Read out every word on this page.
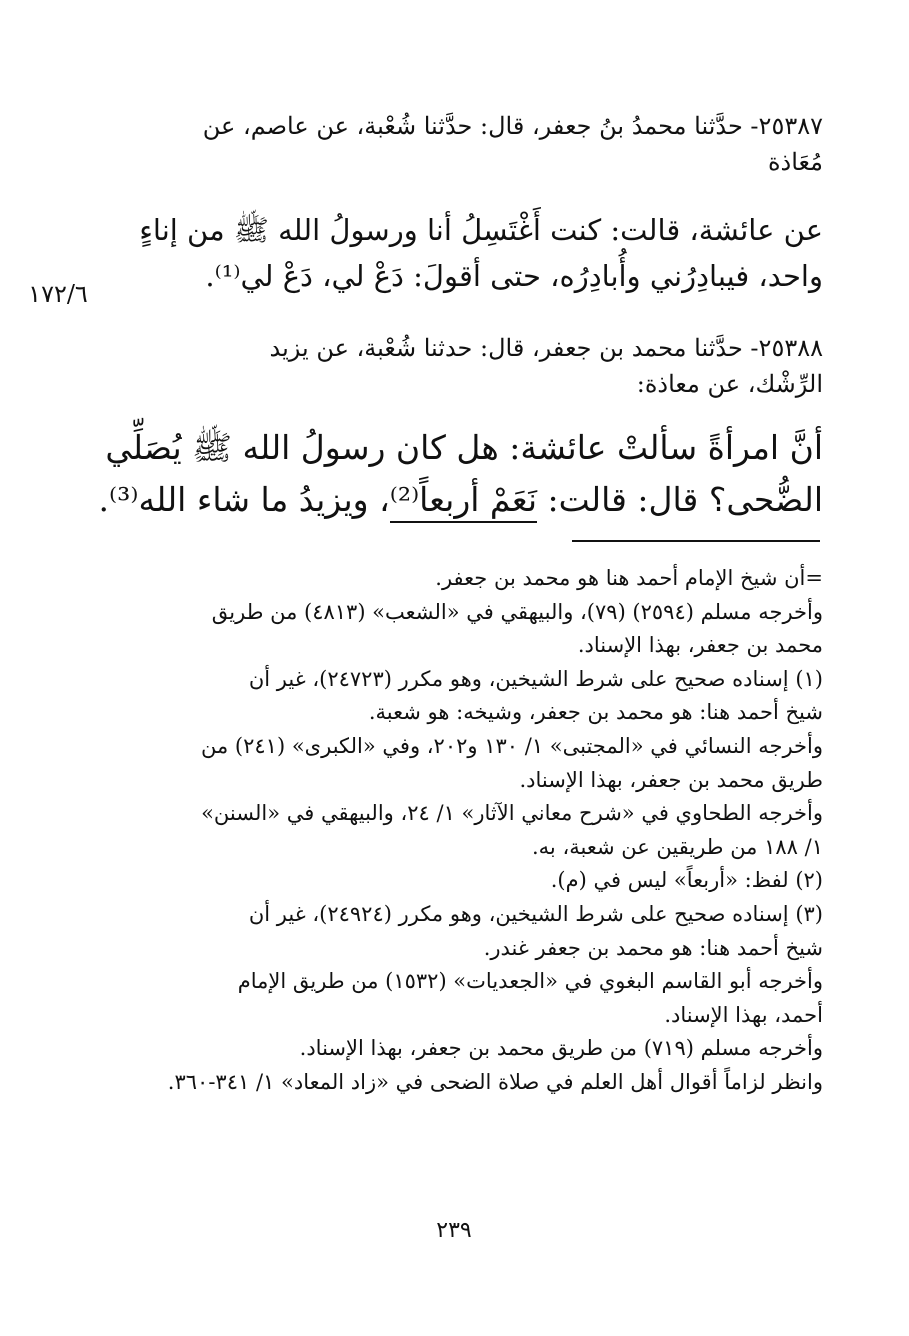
٢٥٣٨٧- حدَّثنا محمدُ بنُ جعفر، قال: حدَّثنا شُعْبة، عن عاصم، عن
مُعَاذة
عن عائشة، قالت: كنت أَغْتَسِلُ أنا ورسولُ الله ﷺ من إناءٍ
واحد، فيبادِرُني وأُبادِرُه، حتى أقولَ: دَعْ لي، دَعْ لي⁽¹⁾.
١٧٢/٦
٢٥٣٨٨- حدَّثنا محمد بن جعفر، قال: حدثنا شُعْبة، عن يزيد
الرِّشْك، عن معاذة:
أنَّ امرأةً سألتْ عائشة: هل كان رسولُ الله ﷺ يُصَلِّي
الضُّحى؟ قال: قالت: نَعَمْ أربعاً⁽²⁾، ويزيدُ ما شاء الله⁽³⁾.
=أن شيخ الإمام أحمد هنا هو محمد بن جعفر.
وأخرجه مسلم (٢٥٩٤) (٧٩)، والبيهقي في «الشعب» (٤٨١٣) من طريق
محمد بن جعفر، بهذا الإسناد.
(١) إسناده صحيح على شرط الشيخين، وهو مكرر (٢٤٧٢٣)، غير أن
شيخ أحمد هنا: هو محمد بن جعفر، وشيخه: هو شعبة.
وأخرجه النسائي في «المجتبى» ١/ ١٣٠ و٢٠٢، وفي «الكبرى» (٢٤١) من
طريق محمد بن جعفر، بهذا الإسناد.
وأخرجه الطحاوي في «شرح معاني الآثار» ١/ ٢٤، والبيهقي في «السنن»
١/ ١٨٨ من طريقين عن شعبة، به.
(٢) لفظ: «أربعاً» ليس في (م).
(٣) إسناده صحيح على شرط الشيخين، وهو مكرر (٢٤٩٢٤)، غير أن
شيخ أحمد هنا: هو محمد بن جعفر غندر.
وأخرجه أبو القاسم البغوي في «الجعديات» (١٥٣٢) من طريق الإمام
أحمد، بهذا الإسناد.
وأخرجه مسلم (٧١٩) من طريق محمد بن جعفر، بهذا الإسناد.
وانظر لزاماً أقوال أهل العلم في صلاة الضحى في «زاد المعاد» ١/ ٣٤١-٣٦٠.
٢٣٩
